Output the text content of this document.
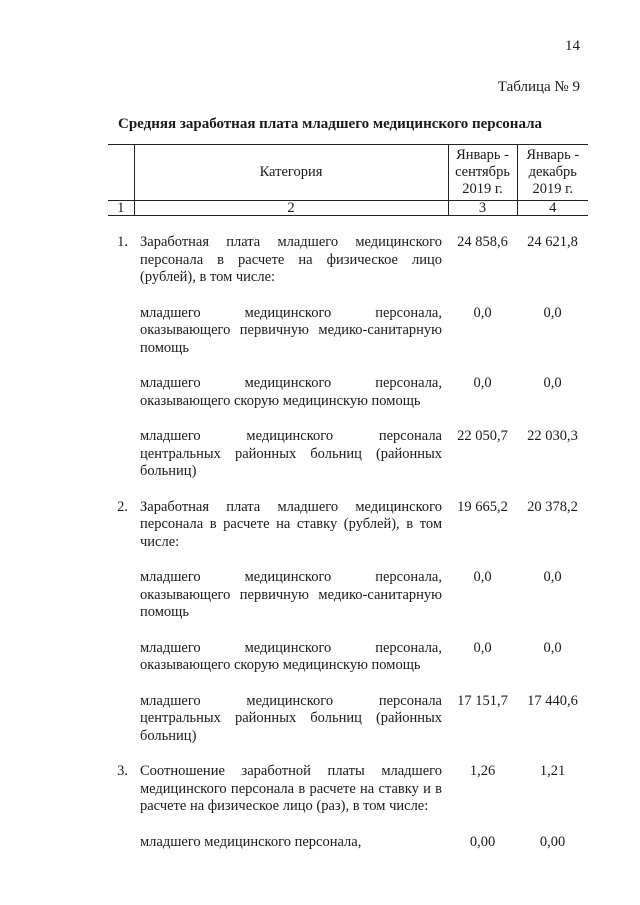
14
Таблица № 9
Средняя заработная плата младшего медицинского персонала
	Категория	Январь - сентябрь 2019 г.	Январь - декабрь 2019 г.
1	2	3	4

1.	Заработная плата младшего медицинского персонала в расчете на физическое лицо (рублей), в том числе:	24 858,6	24 621,8

	младшего медицинского персонала, оказывающего первичную медико-санитарную помощь	0,0	0,0

	младшего медицинского персонала, оказывающего скорую медицинскую помощь	0,0	0,0

	младшего медицинского персонала центральных районных больниц (районных больниц)	22 050,7	22 030,3

2.	Заработная плата младшего медицинского персонала в расчете на ставку (рублей), в том числе:	19 665,2	20 378,2

	младшего медицинского персонала, оказывающего первичную медико-санитарную помощь	0,0	0,0

	младшего медицинского персонала, оказывающего скорую медицинскую помощь	0,0	0,0

	младшего медицинского персонала центральных районных больниц (районных больниц)	17 151,7	17 440,6

3.	Соотношение заработной платы младшего медицинского персонала в расчете на ставку и в расчете на физическое лицо (раз), в том числе:	1,26	1,21

	младшего медицинского персонала,	0,00	0,00
